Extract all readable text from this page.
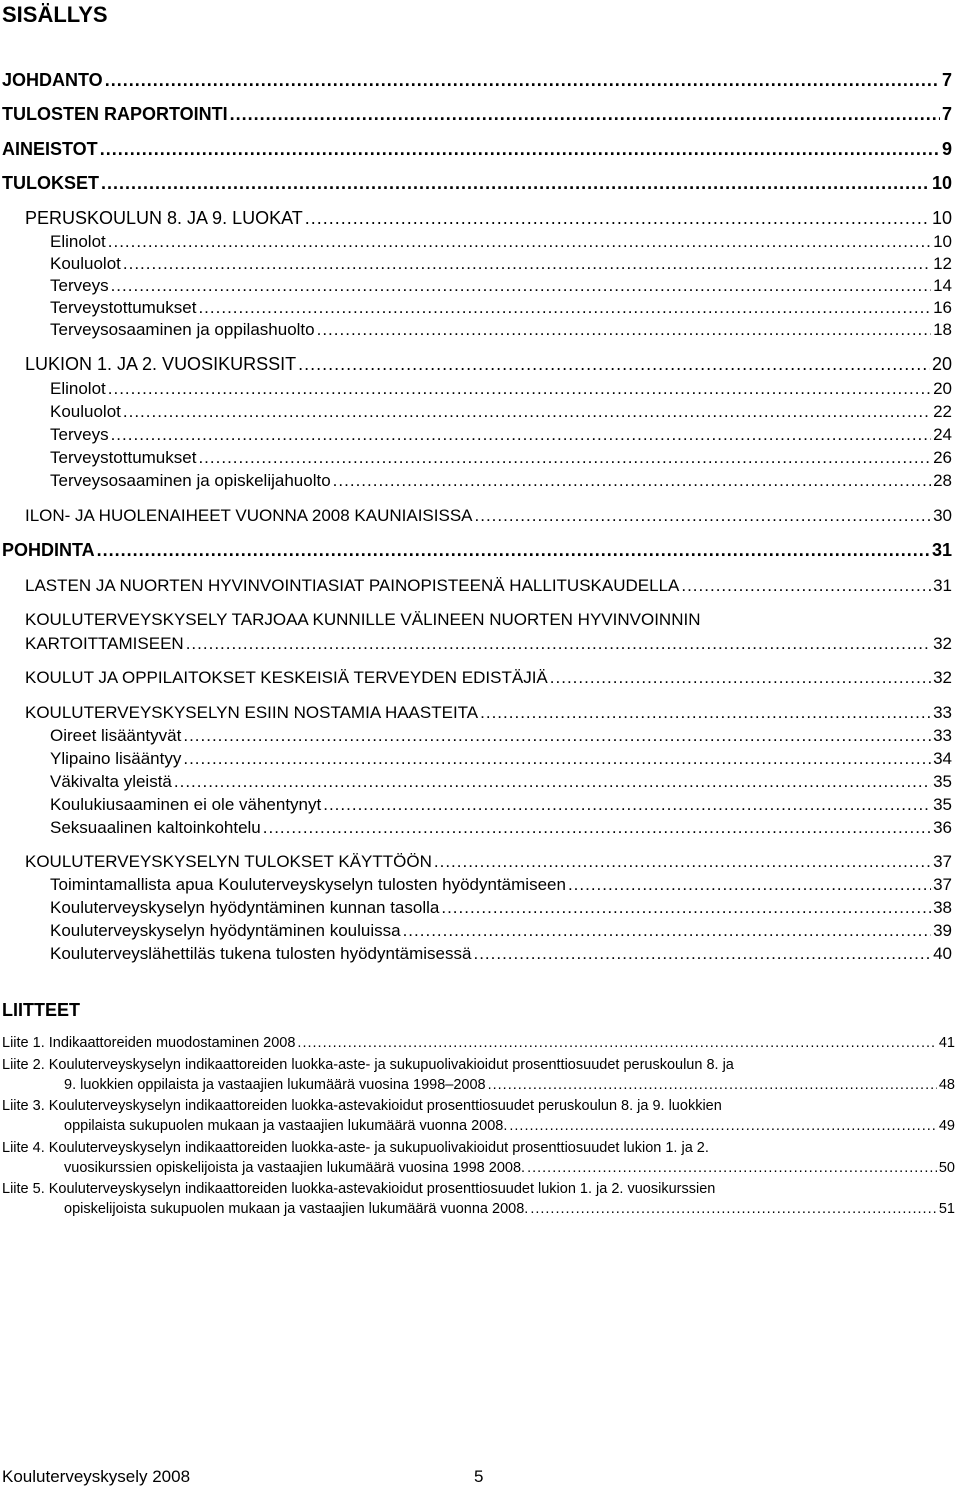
SISÄLLYS
JOHDANTO .....	7
TULOSTEN RAPORTOINTI .....	7
AINEISTOT .....	9
TULOKSET .....	10
PERUSKOULUN 8. JA 9. LUOKAT .....	10
Elinolot .....	10
Kouluolot .....	12
Terveys .....	14
Terveystottumukset .....	16
Terveysosaaminen ja oppilashuolto .....	18
LUKION 1. JA 2. VUOSIKURSSIT .....	20
Elinolot .....	20
Kouluolot .....	22
Terveys .....	24
Terveystottumukset .....	26
Terveysosaaminen ja opiskelijahuolto .....	28
ILON- JA HUOLENAIHEET VUONNA 2008 KAUNIAISISSA .....	30
POHDINTA .....	31
LASTEN JA NUORTEN HYVINVOINTIASIAT PAINOPISTEENÄ HALLITUSKAUDELLA .....	31
KOULUTERVEYSKYSELY TARJOAA KUNNILLE VÄLINEEN NUORTEN HYVINVOINNIN
KARTOITTAMISEEN .....	32
KOULUT JA OPPILAITOKSET KESKEISIÄ TERVEYDEN EDISTÄJIÄ .....	32
KOULUTERVEYSKYSELYN ESIIN NOSTAMIA HAASTEITA .....	33
Oireet lisääntyvät .....	33
Ylipaino lisääntyy .....	34
Väkivalta yleistä .....	35
Koulukiusaaminen ei ole vähentynyt .....	35
Seksuaalinen kaltoinkohtelu .....	36
KOULUTERVEYSKYSELYN TULOKSET KÄYTTÖÖN .....	37
Toimintamallista apua Kouluterveyskyselyn tulosten hyödyntämiseen .....	37
Kouluterveyskyselyn hyödyntäminen kunnan tasolla .....	38
Kouluterveyskyselyn hyödyntäminen kouluissa .....	39
Kouluterveyslähettiläs tukena tulosten hyödyntämisessä .....	40
LIITTEET
Liite 1. Indikaattoreiden muodostaminen 2008 .....	41
Liite 2. Kouluterveyskyselyn indikaattoreiden luokka-aste- ja sukupuolivakioidut prosenttiosuudet peruskoulun 8. ja
9. luokkien oppilaista ja vastaajien lukumäärä vuosina 1998–2008 .....	48
Liite 3. Kouluterveyskyselyn indikaattoreiden luokka-astevakioidut prosenttiosuudet peruskoulun 8. ja 9. luokkien
oppilaista sukupuolen mukaan ja vastaajien lukumäärä vuonna 2008. .....	49
Liite 4. Kouluterveyskyselyn indikaattoreiden luokka-aste- ja sukupuolivakioidut prosenttiosuudet lukion 1. ja 2.
vuosikurssien opiskelijoista ja vastaajien lukumäärä vuosina 1998 2008. .....	50
Liite 5. Kouluterveyskyselyn indikaattoreiden luokka-astevakioidut prosenttiosuudet lukion 1. ja 2. vuosikurssien
opiskelijoista sukupuolen mukaan ja vastaajien lukumäärä vuonna 2008. .....	51
Kouluterveyskysely 2008	5
